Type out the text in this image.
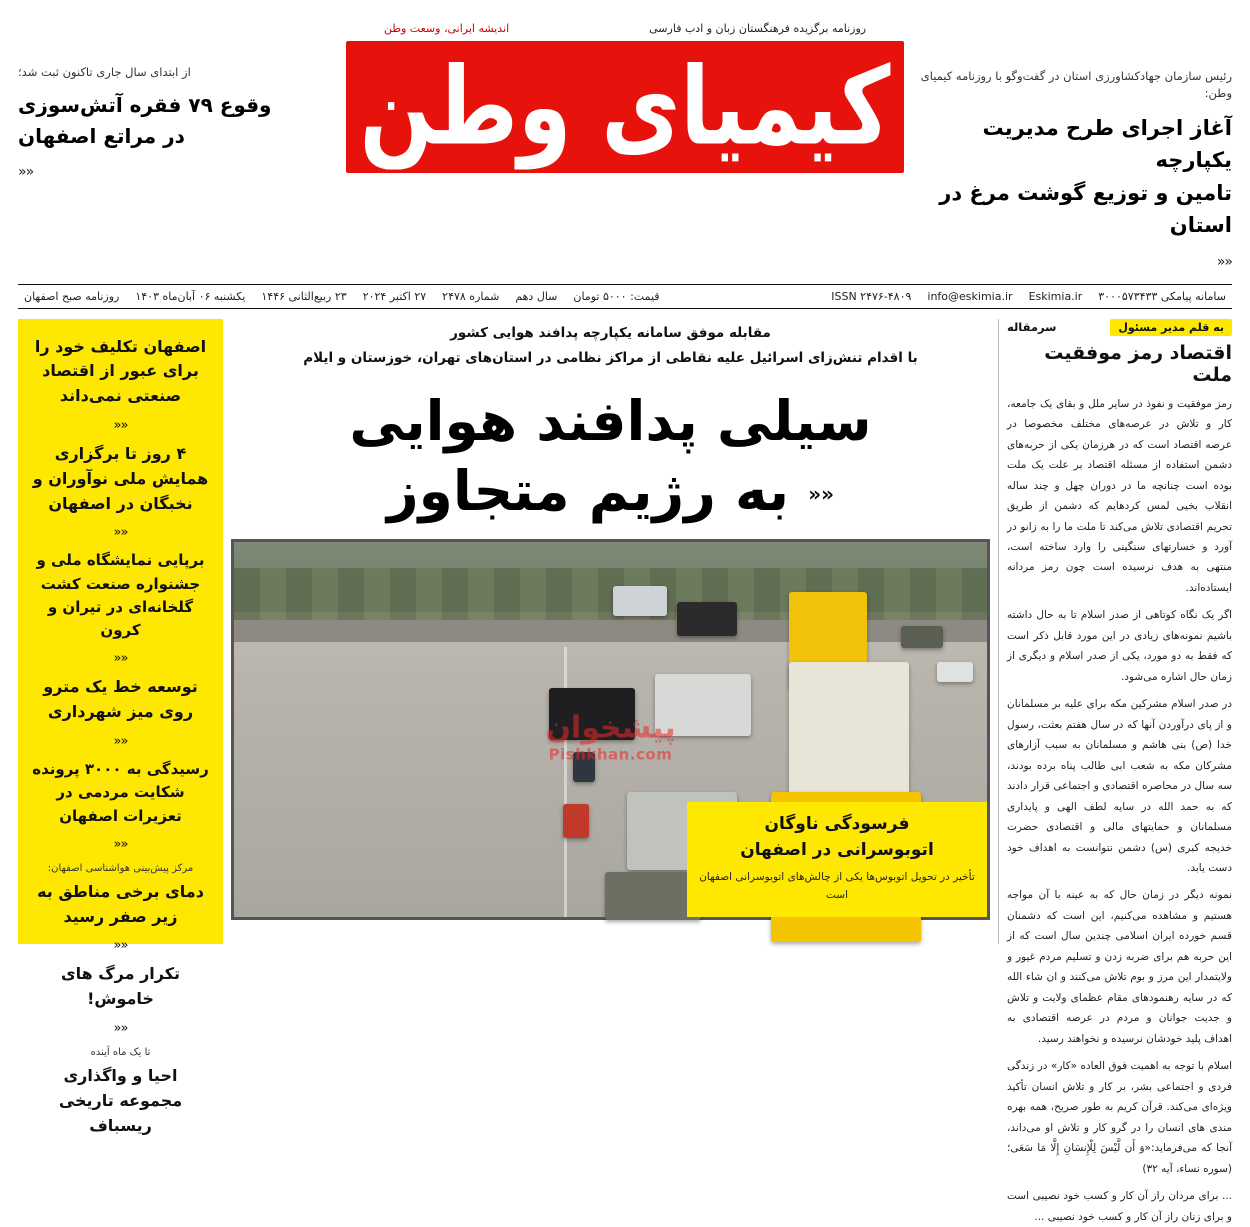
رئیس سازمان جهادکشاورزی استان در گفت‌وگو با روزنامه کیمیای وطن:
آغاز اجرای طرح مدیریت یکپارچه
تامین و توزیع گوشت مرغ در استان
««
روزنامه برگزیده فرهنگستان زبان و ادب فارسی
اندیشه ایرانی، وسعت وطن
کیمیای وطن
از ابتدای سال جاری تاکنون ثبت شد؛
وقوع ۷۹ فقره آتش‌سوزی
در مراتع اصفهان
««
سامانه پیامکی ۳۰۰۰۵۷۳۴۳۳
Eskimia.ir
info@eskimia.ir
ISSN ۲۴۷۶-۴۸۰۹
قیمت: ۵۰۰۰ تومان
سال دهم
شماره ۲۴۷۸
۲۷ اکتبر ۲۰۲۴
۲۳ ربیع‌الثانی ۱۴۴۶
یکشنبه ۰۶ آبان‌ماه ۱۴۰۳
روزنامه صبح اصفهان
به قلم مدیر مسئول
سرمقاله
اقتصاد رمز موفقیت ملت

رمز موفقیت و نفوذ در سایر ملل و بقای یک جامعه، کار و تلاش در عرصه‌های مختلف مخصوصا در عرصه اقتصاد است که در هرزمان یکی از حربه‌های دشمن استفاده از مسئله اقتصاد بر علت یک ملت بوده است چنانچه ما در دوران چهل و چند ساله انقلاب بخیی لمس کردهایم که دشمن از طریق تحریم اقتصادی تلاش می‌کند تا ملت ما را به زانو در آورد و خسارتهای سنگینی را وارد ساخته است، منتهی به هدف نرسیده است چون رمز مردانه ایستاده‌اند.

اگر یک نگاه کوتاهی از صدر اسلام تا به حال داشته باشیم نمونه‌های زیادی در این مورد قابل ذکر است که فقط به دو مورد، یکی از صدر اسلام و دیگری از زمان حال اشاره می‌شود.

در صدر اسلام مشرکین مکه برای علیه بر مسلمانان و از پای درآوردن آنها که در سال هفتم بعثت، رسول خدا (ص) بنی هاشم و مسلمانان به سبب آزارهای مشرکان مکه به شعب ابی طالب پناه برده بودند، سه سال در محاصره اقتصادی و اجتماعی قرار دادند که به حمد الله در سایه لطف الهی و پایداری مسلمانان و حمایتهای مالی و اقتصادی حضرت خدیجه کبری (س) دشمن نتوانست به اهداف خود دست یابد.

نمونه دیگر در زمان حال که به عینه با آن مواجه هستیم و مشاهده می‌کنیم، این است که دشمنان قسم خورده ایران اسلامی چندین سال است که از این حربه هم برای ضربه زدن و تسلیم مردم غیور و ولایتمدار این مرز و بوم تلاش می‌کنند و ان شاء الله که در سایه رهنمودهای مقام عظمای ولایت و تلاش و جدیت جوانان و مردم در عرصه اقتصادی به اهداف پلید خودشان نرسیده و نخواهند رسید.

اسلام با توجه به اهمیت فوق العاده «کار» در زندگی فردی و اجتماعی بشر، بر کار و تلاش انسان تأکید ویژه‌ای می‌کند. قرآن کریم به طور صریح، همه بهره مندی های انسان را در گرو کار و تلاش او می‌داند، آنجا که می‌فرماید:«وَ أَن لَّیْسَ لِلْإِنسَانِ إِلَّا مَا سَعَى؛ (سوره نساء، آیه ۳۲)

... برای مردان راز آن کار و کسب خود نصیبی است و برای زنان راز آن کار و کسب خود نصیبی ...

مقابله موفق سامانه یکپارچه پدافند هوایی کشور
با اقدام تنش‌زای اسرائیل علیه نقاطی از مراکز نظامی در استان‌های تهران، خوزستان و ایلام
سیلی پدافند هوایی
«« به رژیم متجاوز
عکس: مهر
پیشخوان
Pishkhan.com
فرسودگی ناوگان
اتوبوسرانی در اصفهان
تأخیر در تحویل اتوبوس‌ها یکی از چالش‌های اتوبوسرانی اصفهان است
اصفهان تکلیف خود را برای عبور از اقتصاد صنعتی نمی‌داند
««
۴ روز تا برگزاری همایش ملی نوآوران و نخبگان در اصفهان
««
برپایی نمایشگاه ملی و جشنواره صنعت کشت گلخانه‌ای در تیران و کرون
««
توسعه خط یک مترو روی میز شهرداری
««
رسیدگی به ۳۰۰۰ پرونده شکایت مردمی در تعزیرات اصفهان
««
مرکز پیش‌بینی هواشناسی اصفهان:
دمای برخی مناطق به زیر صفر رسید
««
تکرار مرگ های خاموش!
««
تا یک ماه آینده
احیا و واگذاری مجموعه تاریخی ریسباف
